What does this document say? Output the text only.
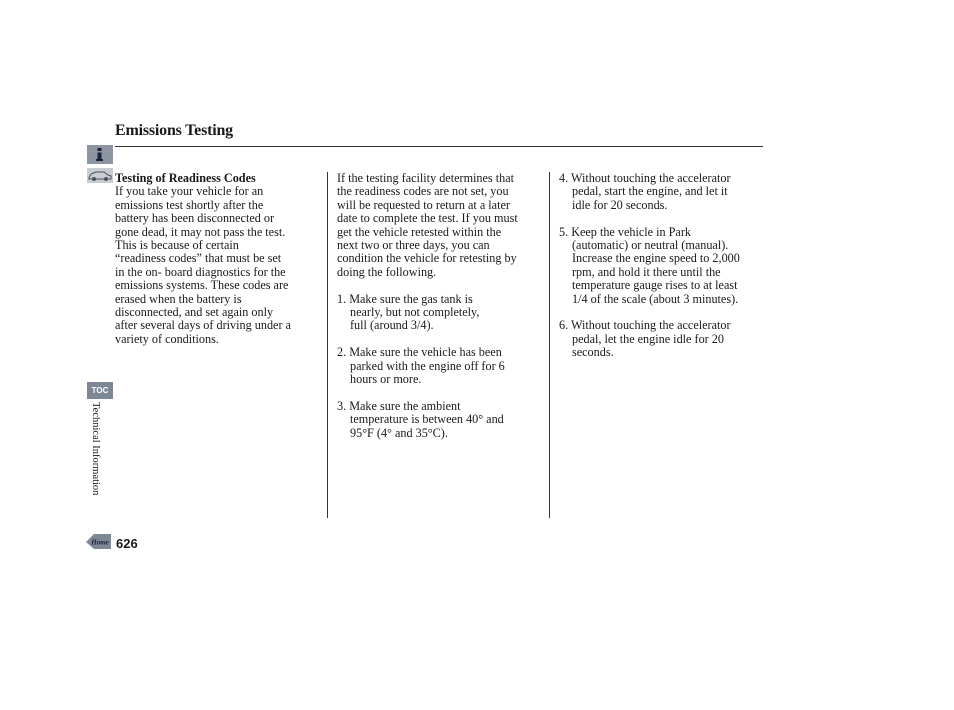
Emissions Testing
TOC
Technical Information
Home 626
Testing of Readiness Codes
If you take your vehicle for an
emissions test shortly after the
battery has been disconnected or
gone dead, it may not pass the test.
This is because of certain
“readiness codes” that must be set
in the on- board diagnostics for the
emissions systems. These codes are
erased when the battery is
disconnected, and set again only
after several days of driving under a
variety of conditions.
If the testing facility determines that
the readiness codes are not set, you
will be requested to return at a later
date to complete the test. If you must
get the vehicle retested within the
next two or three days, you can
condition the vehicle for retesting by
doing the following.
1. Make sure the gas tank is
nearly, but not completely,
full (around 3/4).
2. Make sure the vehicle has been
parked with the engine off for 6
hours or more.
3. Make sure the ambient
temperature is between 40° and
95°F (4° and 35°C).
4. Without touching the accelerator
pedal, start the engine, and let it
idle for 20 seconds.
5. Keep the vehicle in Park
(automatic) or neutral (manual).
Increase the engine speed to 2,000
rpm, and hold it there until the
temperature gauge rises to at least
1/4 of the scale (about 3 minutes).
6. Without touching the accelerator
pedal, let the engine idle for 20
seconds.
